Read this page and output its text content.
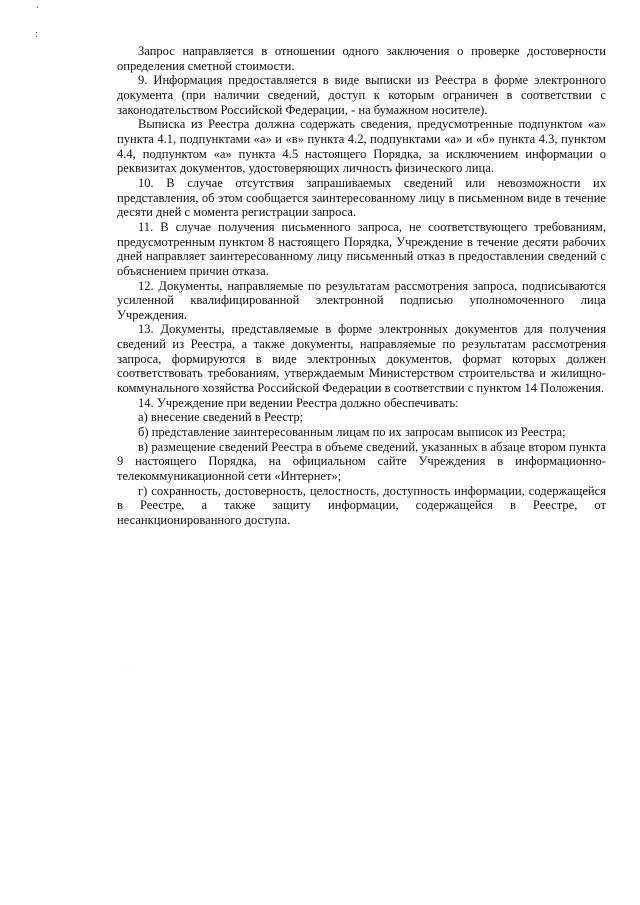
·
:
·

Запрос направляется в отношении одного заключения о проверке достоверности определения сметной стоимости.

9. Информация предоставляется в виде выписки из Реестра в форме электронного документа (при наличии сведений, доступ к которым ограничен в соответствии с законодательством Российской Федерации, - на бумажном носителе).

Выписка из Реестра должна содержать сведения, предусмотренные подпунктом «а» пункта 4.1, подпунктами «а» и «в» пункта 4.2, подпунктами «а» и «б» пункта 4.3, пунктом 4.4, подпунктом «а» пункта 4.5 настоящего Порядка, за исключением информации о реквизитах документов, удостоверяющих личность физического лица.

10. В случае отсутствия запрашиваемых сведений или невозможности их представления, об этом сообщается заинтересованному лицу в письменном виде в течение десяти дней с момента регистрации запроса.

11. В случае получения письменного запроса, не соответствующего требованиям, предусмотренным пунктом 8 настоящего Порядка, Учреждение в течение десяти рабочих дней направляет заинтересованному лицу письменный отказ в предоставлении сведений с объяснением причин отказа.

12. Документы, направляемые по результатам рассмотрения запроса, подписываются усиленной квалифицированной электронной подписью уполномоченного лица Учреждения.

13. Документы, представляемые в форме электронных документов для получения сведений из Реестра, а также документы, направляемые по результатам рассмотрения запроса, формируются в виде электронных документов, формат которых должен соответствовать требованиям, утверждаемым Министерством строительства и жилищно-коммунального хозяйства Российской Федерации в соответствии с пунктом 14 Положения.

14. Учреждение при ведении Реестра должно обеспечивать:

а) внесение сведений в Реестр;

б) представление заинтересованным лицам по их запросам выписок из Реестра;

в) размещение сведений Реестра в объеме сведений, указанных в абзаце втором пункта 9 настоящего Порядка, на официальном сайте Учреждения в информационно-телекоммуникационной сети «Интернет»;

г) сохранность, достоверность, целостность, доступность информации, содержащейся в Реестре, а также защиту информации, содержащейся в Реестре, от несанкционированного доступа.
